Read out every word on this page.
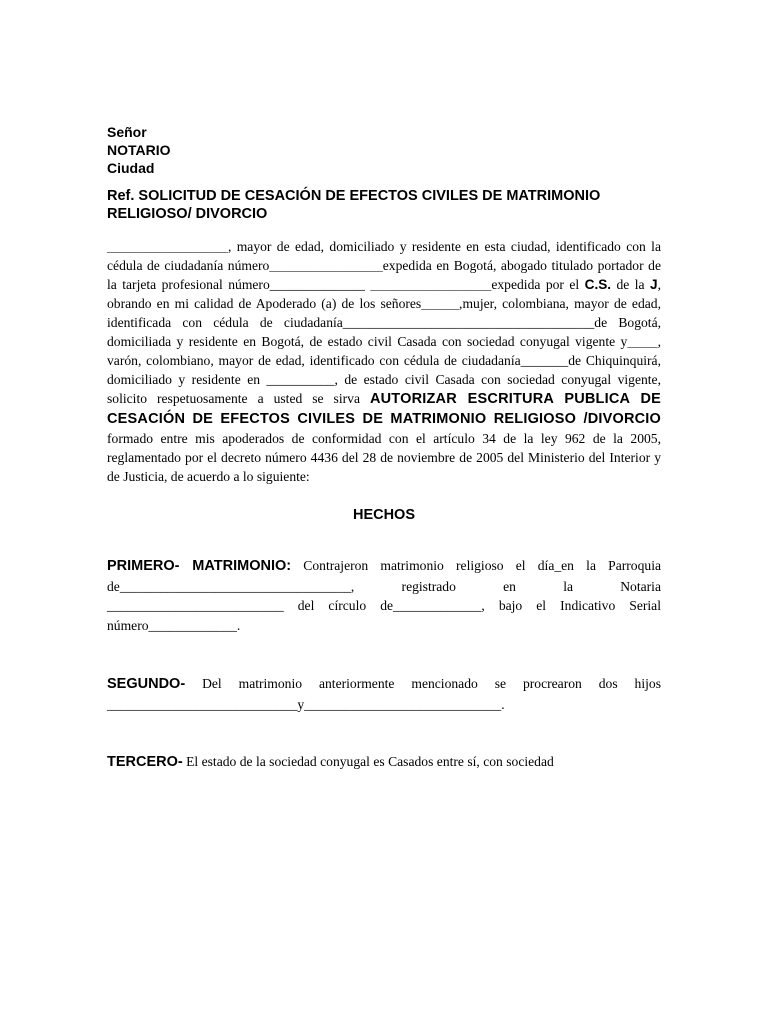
Señor
NOTARIO
Ciudad
Ref. SOLICITUD DE CESACIÓN DE EFECTOS CIVILES DE MATRIMONIO RELIGIOSO/ DIVORCIO
________________, mayor de edad, domiciliado y residente en esta ciudad, identificado con la cédula de ciudadanía número_______________expedida en Bogotá, abogado titulado portador de la tarjeta profesional número______________ ________________expedida por el C.S. de la J, obrando en mi calidad de Apoderado (a) de los señores_____,mujer, colombiana, mayor de edad, identificada con cédula de ciudadanía_____________________________________de Bogotá, domiciliada y residente en Bogotá, de estado civil Casada con sociedad conyugal vigente y____, varón, colombiano, mayor de edad, identificado con cédula de ciudadanía_______de Chiquinquirá, domiciliado y residente en __________, de estado civil Casada con sociedad conyugal vigente, solicito respetuosamente a usted se sirva AUTORIZAR ESCRITURA PUBLICA DE CESACIÓN DE EFECTOS CIVILES DE MATRIMONIO RELIGIOSO /DIVORCIO formado entre mis apoderados de conformidad con el artículo 34 de la ley 962 de la 2005, reglamentado por el decreto número 4436 del 28 de noviembre de 2005 del Ministerio del Interior y de Justicia, de acuerdo a lo siguiente:
HECHOS
PRIMERO- MATRIMONIO: Contrajeron matrimonio religioso el día_en la Parroquia de__________________________________, registrado en la Notaria __________________________ del círculo de_____________, bajo el Indicativo Serial número_____________.
SEGUNDO- Del matrimonio anteriormente mencionado se procrearon dos hijos ____________________________y_____________________________.
TERCERO- El estado de la sociedad conyugal es Casados entre sí, con sociedad
